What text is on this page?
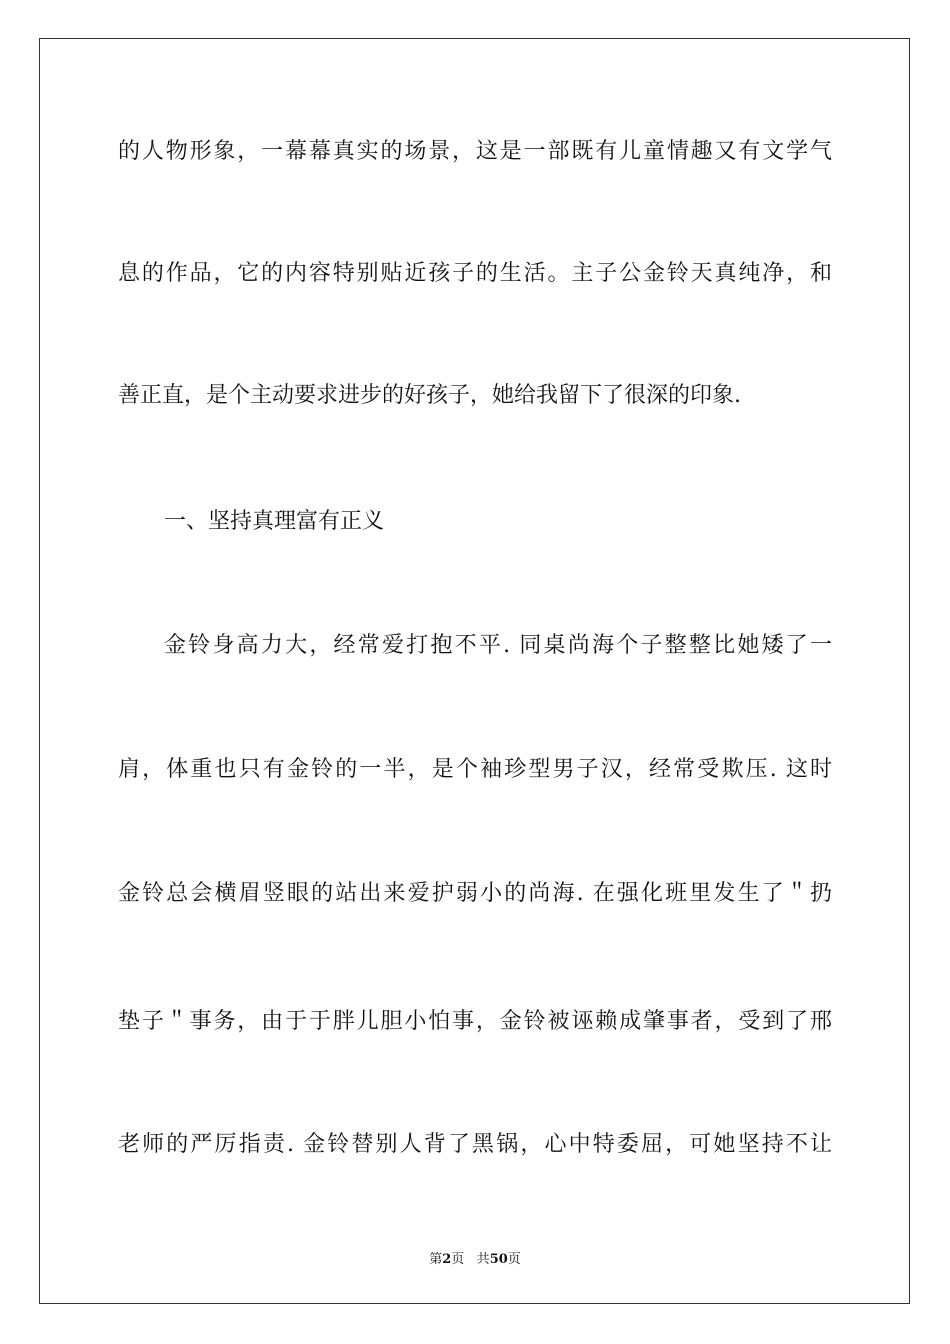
的人物形象，一幕幕真实的场景，这是一部既有儿童情趣又有文学气
息的作品，它的内容特别贴近孩子的生活。主子公金铃天真纯净，和
善正直，是个主动要求进步的好孩子，她给我留下了很深的印象.
一、坚持真理富有正义
金铃身高力大，经常爱打抱不平. 同桌尚海个子整整比她矮了一
肩，体重也只有金铃的一半，是个袖珍型男子汉，经常受欺压. 这时
金铃总会横眉竖眼的站出来爱护弱小的尚海. 在强化班里发生了＂扔
垫子＂事务，由于于胖儿胆小怕事，金铃被诬赖成肇事者，受到了邢
老师的严厉指责. 金铃替别人背了黑锅，心中特委屈，可她坚持不让
第2页 共50页
